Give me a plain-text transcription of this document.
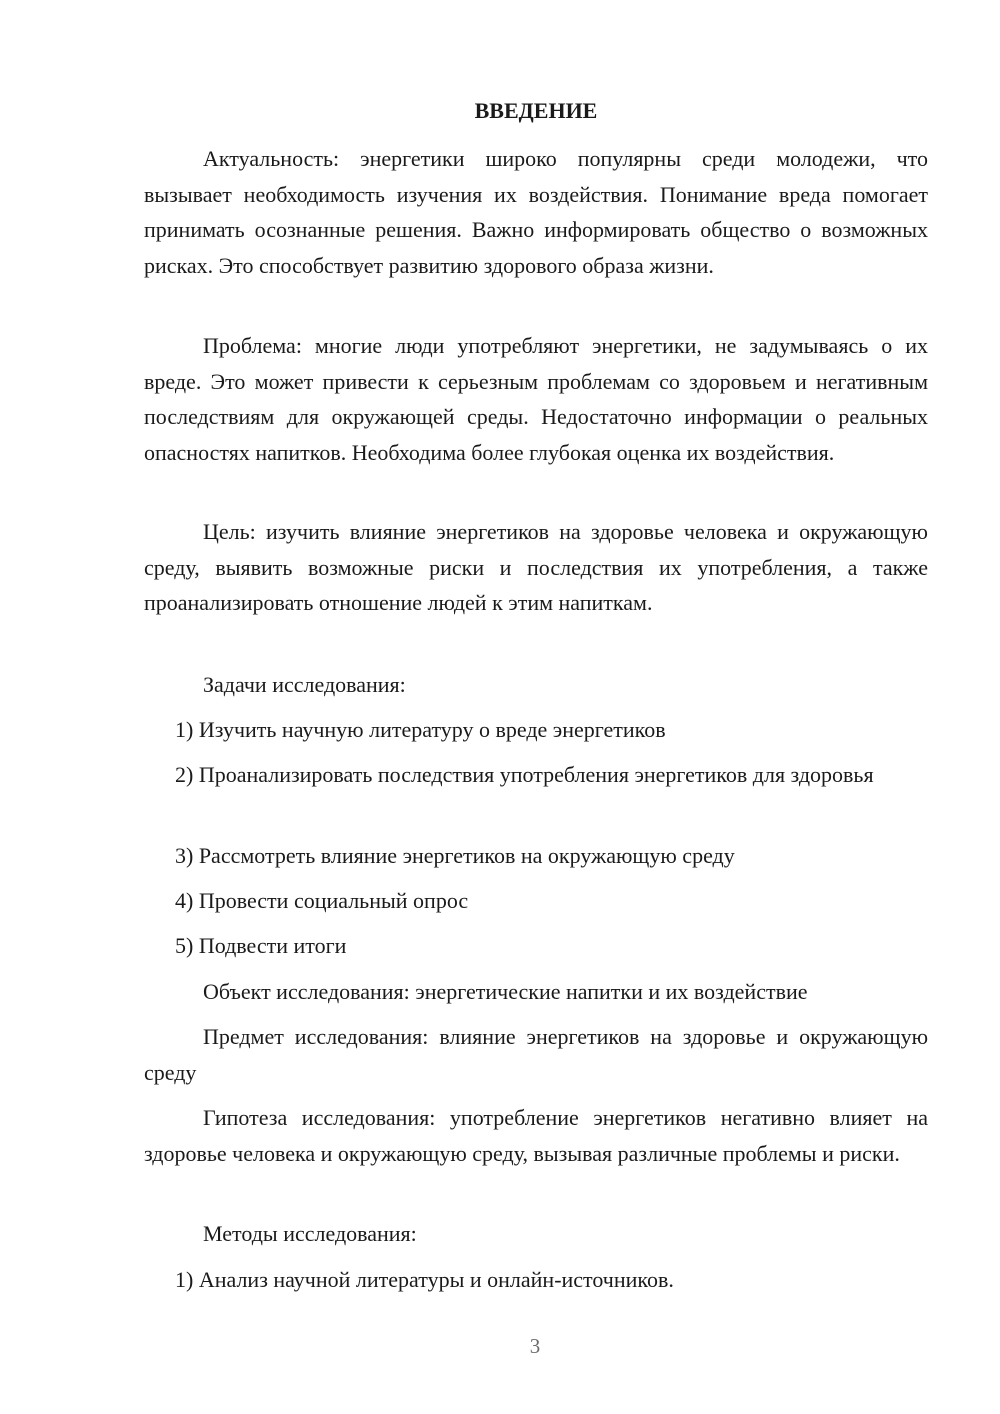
ВВЕДЕНИЕ

Актуальность: энергетики широко популярны среди молодежи, что вызывает необходимость изучения их воздействия. Понимание вреда помогает принимать осознанные решения. Важно информировать общество о возможных рисках. Это способствует развитию здорового образа жизни.

Проблема: многие люди употребляют энергетики, не задумываясь о их вреде. Это может привести к серьезным проблемам со здоровьем и негативным последствиям для окружающей среды. Недостаточно информации о реальных опасностях напитков. Необходима более глубокая оценка их воздействия.

Цель: изучить влияние энергетиков на здоровье человека и окружающую среду, выявить возможные риски и последствия их употребления, а также проанализировать отношение людей к этим напиткам.

Задачи исследования:

1) Изучить научную литературу о вреде энергетиков

2) Проанализировать последствия употребления энергетиков для здоровья

3) Рассмотреть влияние энергетиков на окружающую среду

4) Провести социальный опрос

5) Подвести итоги

Объект исследования: энергетические напитки и их воздействие

Предмет исследования: влияние энергетиков на здоровье и окружающую среду

Гипотеза исследования: употребление энергетиков негативно влияет на здоровье человека и окружающую среду, вызывая различные проблемы и риски.

Методы исследования:

1) Анализ научной литературы и онлайн-источников.

3
